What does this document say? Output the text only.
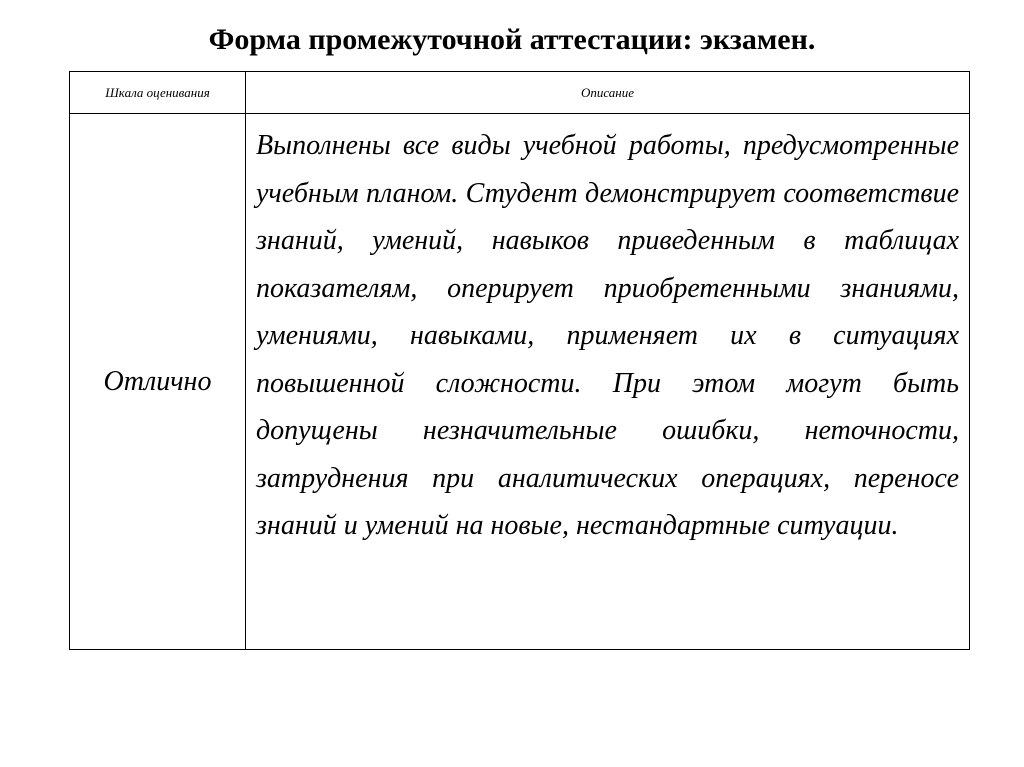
Форма промежуточной аттестации: экзамен.
Шкала оценивания	Описание
Отлично	Выполнены все виды учебной работы, предусмотренные учебным планом. Студент демонстрирует соответствие знаний, умений, навыков приведенным в таблицах показателям, оперирует приобретенными знаниями, умениями, навыками, применяет их в ситуациях повышенной сложности. При этом могут быть допущены незначительные ошибки, неточности, затруднения при аналитических операциях, переносе знаний и умений на новые, нестандартные ситуации.
